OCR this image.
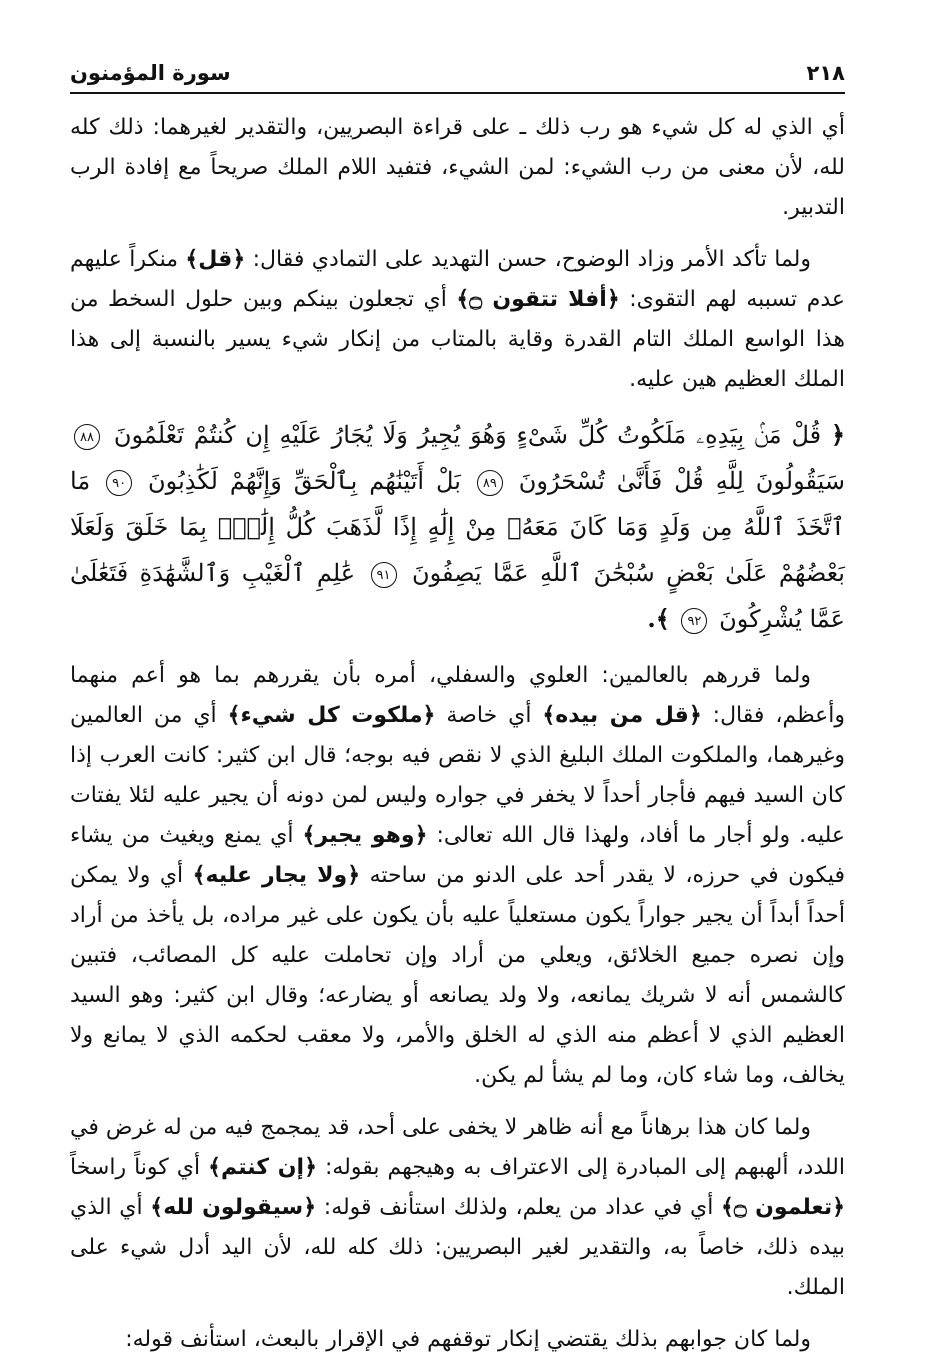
٢١٨
سورة المؤمنون

أي الذي له كل شيء هو رب ذلك ـ على قراءة البصريين، والتقدير لغيرهما: ذلك كله لله، لأن معنى من رب الشيء: لمن الشيء، فتفيد اللام الملك صريحاً مع إفادة الرب التدبير.

ولما تأكد الأمر وزاد الوضوح، حسن التهديد على التمادي فقال: ﴿قل﴾ منكراً عليهم عدم تسببه لهم التقوى: ﴿أفلا تتقون ۝﴾ أي تجعلون بينكم وبين حلول السخط من هذا الواسع الملك التام القدرة وقاية بالمتاب من إنكار شيء يسير بالنسبة إلى هذا الملك العظيم هين عليه.

﴿ قُلْ مَنۢ بِيَدِهِۦ مَلَكُوتُ كُلِّ شَىْءٍ وَهُوَ يُجِيرُ وَلَا يُجَارُ عَلَيْهِ إِن كُنتُمْ تَعْلَمُونَ ٨٨ سَيَقُولُونَ لِلَّهِ قُلْ فَأَنَّىٰ تُسْحَرُونَ ٨٩ بَلْ أَتَيْنَٰهُم بِٱلْحَقِّ وَإِنَّهُمْ لَكَٰذِبُونَ ٩٠ مَا ٱتَّخَذَ ٱللَّهُ مِن وَلَدٍ وَمَا كَانَ مَعَهُۥ مِنْ إِلَٰهٍ إِذًا لَّذَهَبَ كُلُّ إِلَٰهٍۭ بِمَا خَلَقَ وَلَعَلَا بَعْضُهُمْ عَلَىٰ بَعْضٍ سُبْحَٰنَ ٱللَّهِ عَمَّا يَصِفُونَ ٩١ عَٰلِمِ ٱلْغَيْبِ وَٱلشَّهَٰدَةِ فَتَعَٰلَىٰ عَمَّا يُشْرِكُونَ ٩٢ ﴾.

ولما قررهم بالعالمين: العلوي والسفلي، أمره بأن يقررهم بما هو أعم منهما وأعظم، فقال: ﴿قل من بيده﴾ أي خاصة ﴿ملكوت كل شيء﴾ أي من العالمين وغيرهما، والملكوت الملك البليغ الذي لا نقص فيه بوجه؛ قال ابن كثير: كانت العرب إذا كان السيد فيهم فأجار أحداً لا يخفر في جواره وليس لمن دونه أن يجير عليه لئلا يفتات عليه. ولو أجار ما أفاد، ولهذا قال الله تعالى: ﴿وهو يجير﴾ أي يمنع ويغيث من يشاء فيكون في حرزه، لا يقدر أحد على الدنو من ساحته ﴿ولا يجار عليه﴾ أي ولا يمكن أحداً أبداً أن يجير جواراً يكون مستعلياً عليه بأن يكون على غير مراده، بل يأخذ من أراد وإن نصره جميع الخلائق، ويعلي من أراد وإن تحاملت عليه كل المصائب، فتبين كالشمس أنه لا شريك يمانعه، ولا ولد يصانعه أو يضارعه؛ وقال ابن كثير: وهو السيد العظيم الذي لا أعظم منه الذي له الخلق والأمر، ولا معقب لحكمه الذي لا يمانع ولا يخالف، وما شاء كان، وما لم يشأ لم يكن.

ولما كان هذا برهاناً مع أنه ظاهر لا يخفى على أحد، قد يمجمج فيه من له غرض في اللدد، ألهبهم إلى المبادرة إلى الاعتراف به وهيجهم بقوله: ﴿إن كنتم﴾ أي كوناً راسخاً ﴿تعلمون ۝﴾ أي في عداد من يعلم، ولذلك استأنف قوله: ﴿سيقولون لله﴾ أي الذي بيده ذلك، خاصاً به، والتقدير لغير البصريين: ذلك كله لله، لأن اليد أدل شيء على الملك.

ولما كان جوابهم بذلك يقتضي إنكار توقفهم في الإقرار بالبعث، استأنف قوله:
